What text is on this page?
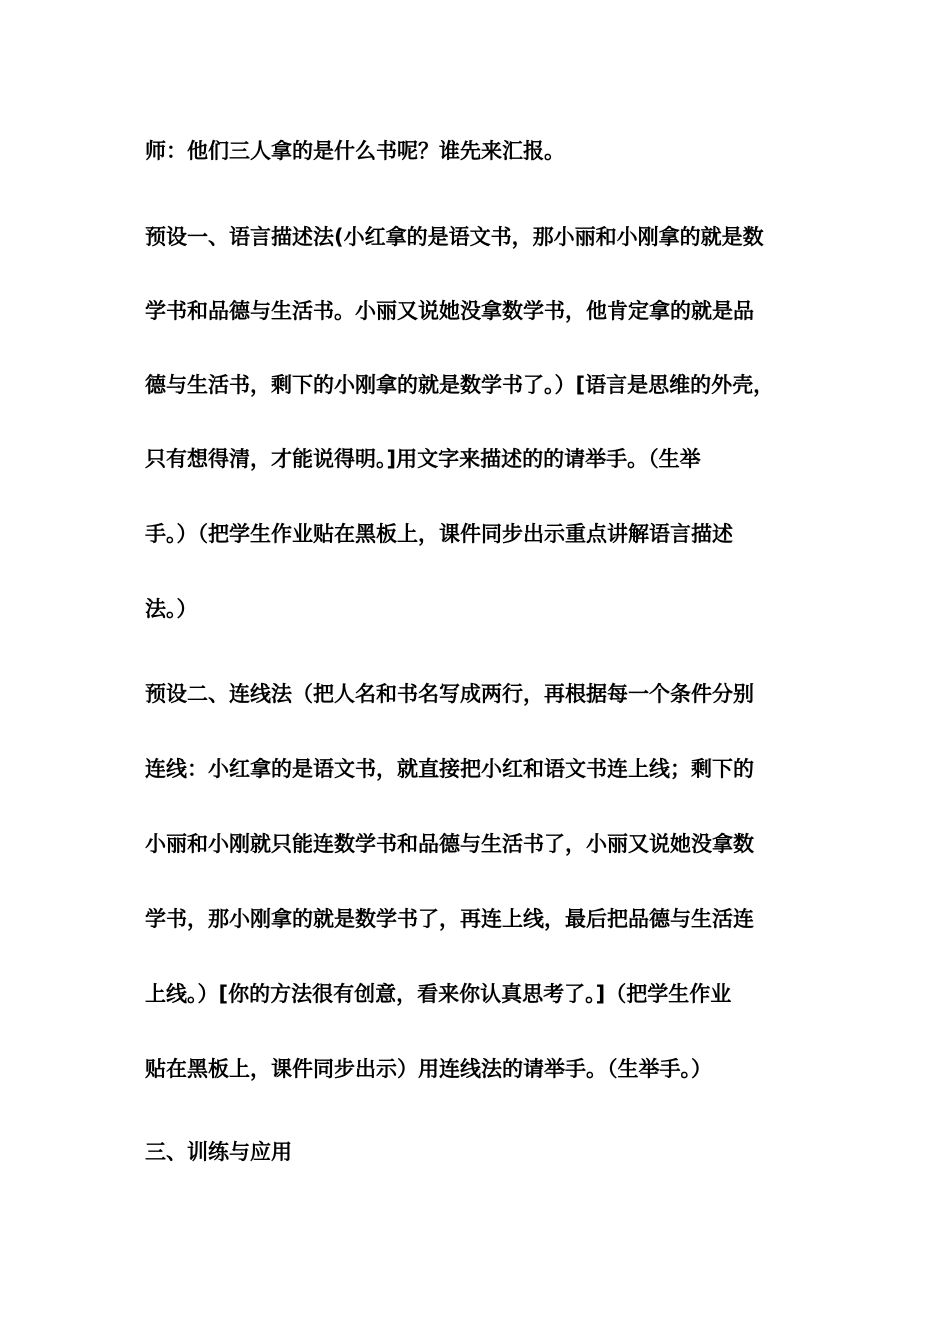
师：他们三人拿的是什么书呢？谁先来汇报。
预设一、语言描述法(小红拿的是语文书，那小丽和小刚拿的就是数
学书和品德与生活书。小丽又说她没拿数学书，他肯定拿的就是品
德与生活书，剩下的小刚拿的就是数学书了。）[语言是思维的外壳，
只有想得清，才能说得明。]用文字来描述的的请举手。（生举
手。）（把学生作业贴在黑板上，课件同步出示重点讲解语言描述
法。）
预设二、连线法（把人名和书名写成两行，再根据每一个条件分别
连线：小红拿的是语文书，就直接把小红和语文书连上线；剩下的
小丽和小刚就只能连数学书和品德与生活书了，小丽又说她没拿数
学书，那小刚拿的就是数学书了，再连上线，最后把品德与生活连
上线。）[你的方法很有创意，看来你认真思考了。]（把学生作业
贴在黑板上，课件同步出示）用连线法的请举手。（生举手。）
三、训练与应用
